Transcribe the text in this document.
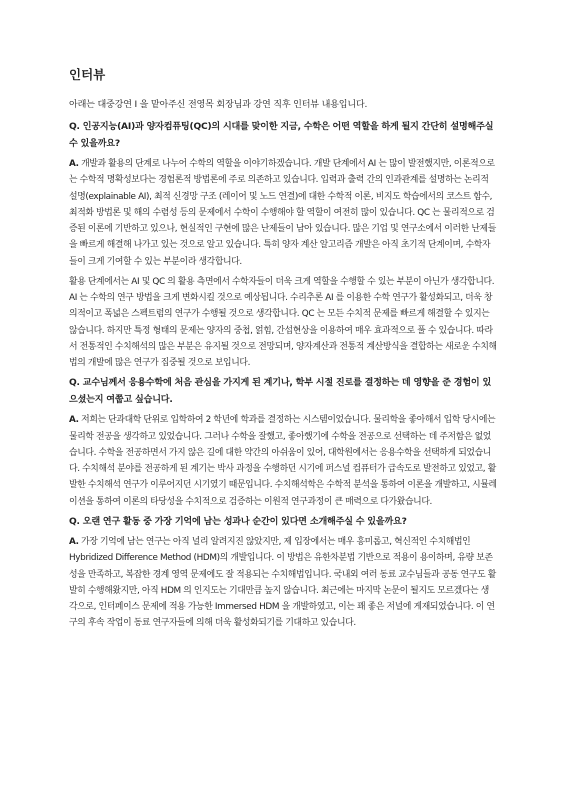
인터뷰
아래는 대중강연 I 을 맡아주신 전영목 회장님과 강연 직후 인터뷰 내용입니다.
Q. 인공지능(AI)과 양자컴퓨팅(QC)의 시대를 맞이한 지금, 수학은 어떤 역할을 하게 될지 간단히 설명해주실 수 있을까요?
A. 개발과 활용의 단계로 나누어 수학의 역할을 이야기하겠습니다. 개발 단계에서 AI 는 많이 발전했지만, 이론적으로는 수학적 명확성보다는 경험론적 방법론에 주로 의존하고 있습니다. 입력과 출력 간의 인과관계를 설명하는 논리적 설명(explainable AI), 최적 신경망 구조 (레이어 및 노드 연결)에 대한 수학적 이론, 비지도 학습에서의 코스트 함수, 최적화 방법론 및 해의 수렴성 등의 문제에서 수학이 수행해야 할 역할이 여전히 많이 있습니다. QC 는 물리적으로 검증된 이론에 기반하고 있으나, 현실적인 구현에 많은 난제들이 남아 있습니다. 많은 기업 및 연구소에서 이러한 난제들을 빠르게 해결해 나가고 있는 것으로 알고 있습니다. 특히 양자 계산 알고리즘 개발은 아직 초기적 단계이며, 수학자들이 크게 기여할 수 있는 부분이라 생각합니다.
활용 단계에서는 AI 및 QC 의 활용 측면에서 수학자들이 더욱 크게 역할을 수행할 수 있는 부분이 아닌가 생각합니다. AI 는 수학의 연구 방법을 크게 변화시킬 것으로 예상됩니다. 수리추론 AI 를 이용한 수학 연구가 활성화되고, 더욱 창의적이고 폭넓은 스펙트럼의 연구가 수행될 것으로 생각합니다. QC 는 모든 수치적 문제를 빠르게 해결할 수 있지는 않습니다. 하지만 특정 형태의 문제는 양자의 중첩, 얽힘, 간섭현상을 이용하여 매우 효과적으로 풀 수 있습니다. 따라서 전통적인 수치해석의 많은 부분은 유지될 것으로 전망되며, 양자계산과 전통적 계산방식을 결합하는 새로운 수치해법의 개발에 많은 연구가 집중될 것으로 보입니다.
Q. 교수님께서 응용수학에 처음 관심을 가지게 된 계기나, 학부 시절 진로를 결정하는 데 영향을 준 경험이 있으셨는지 여쭙고 싶습니다.
A. 저희는 단과대학 단위로 입학하여 2 학년에 학과를 결정하는 시스템이었습니다. 물리학을 좋아해서 입학 당시에는 물리학 전공을 생각하고 있었습니다. 그러나 수학을 잘했고, 좋아했기에 수학을 전공으로 선택하는 데 주저함은 없었습니다. 수학을 전공하면서 가지 않은 길에 대한 약간의 아쉬움이 있어, 대학원에서는 응용수학을 선택하게 되었습니다. 수치해석 분야를 전공하게 된 계기는 박사 과정을 수행하던 시기에 퍼스널 컴퓨터가 급속도로 발전하고 있었고, 활발한 수치해석 연구가 이루어지던 시기였기 때문입니다. 수치해석학은 수학적 분석을 통하여 이론을 개발하고, 시뮬레이션을 통하여 이론의 타당성을 수치적으로 검증하는 이원적 연구과정이 큰 매력으로 다가왔습니다.
Q. 오랜 연구 활동 중 가장 기억에 남는 성과나 순간이 있다면 소개해주실 수 있을까요?
A. 가장 기억에 남는 연구는 아직 널리 알려지진 않았지만, 제 입장에서는 매우 흥미롭고, 혁신적인 수치해법인 Hybridized Difference Method (HDM)의 개발입니다. 이 방법은 유한차분법 기반으로 적용이 용이하며, 유량 보존성을 만족하고, 복잡한 경계 영역 문제에도 잘 적용되는 수치해법입니다. 국내외 여러 동료 교수님들과 공동 연구도 활발히 수행해왔지만, 아직 HDM 의 인지도는 기대만큼 높지 않습니다. 최근에는 마지막 논문이 될지도 모르겠다는 생각으로, 인터페이스 문제에 적용 가능한 Immersed HDM 을 개발하였고, 이는 꽤 좋은 저널에 게재되었습니다. 이 연구의 후속 작업이 동료 연구자들에 의해 더욱 활성화되기를 기대하고 있습니다.
